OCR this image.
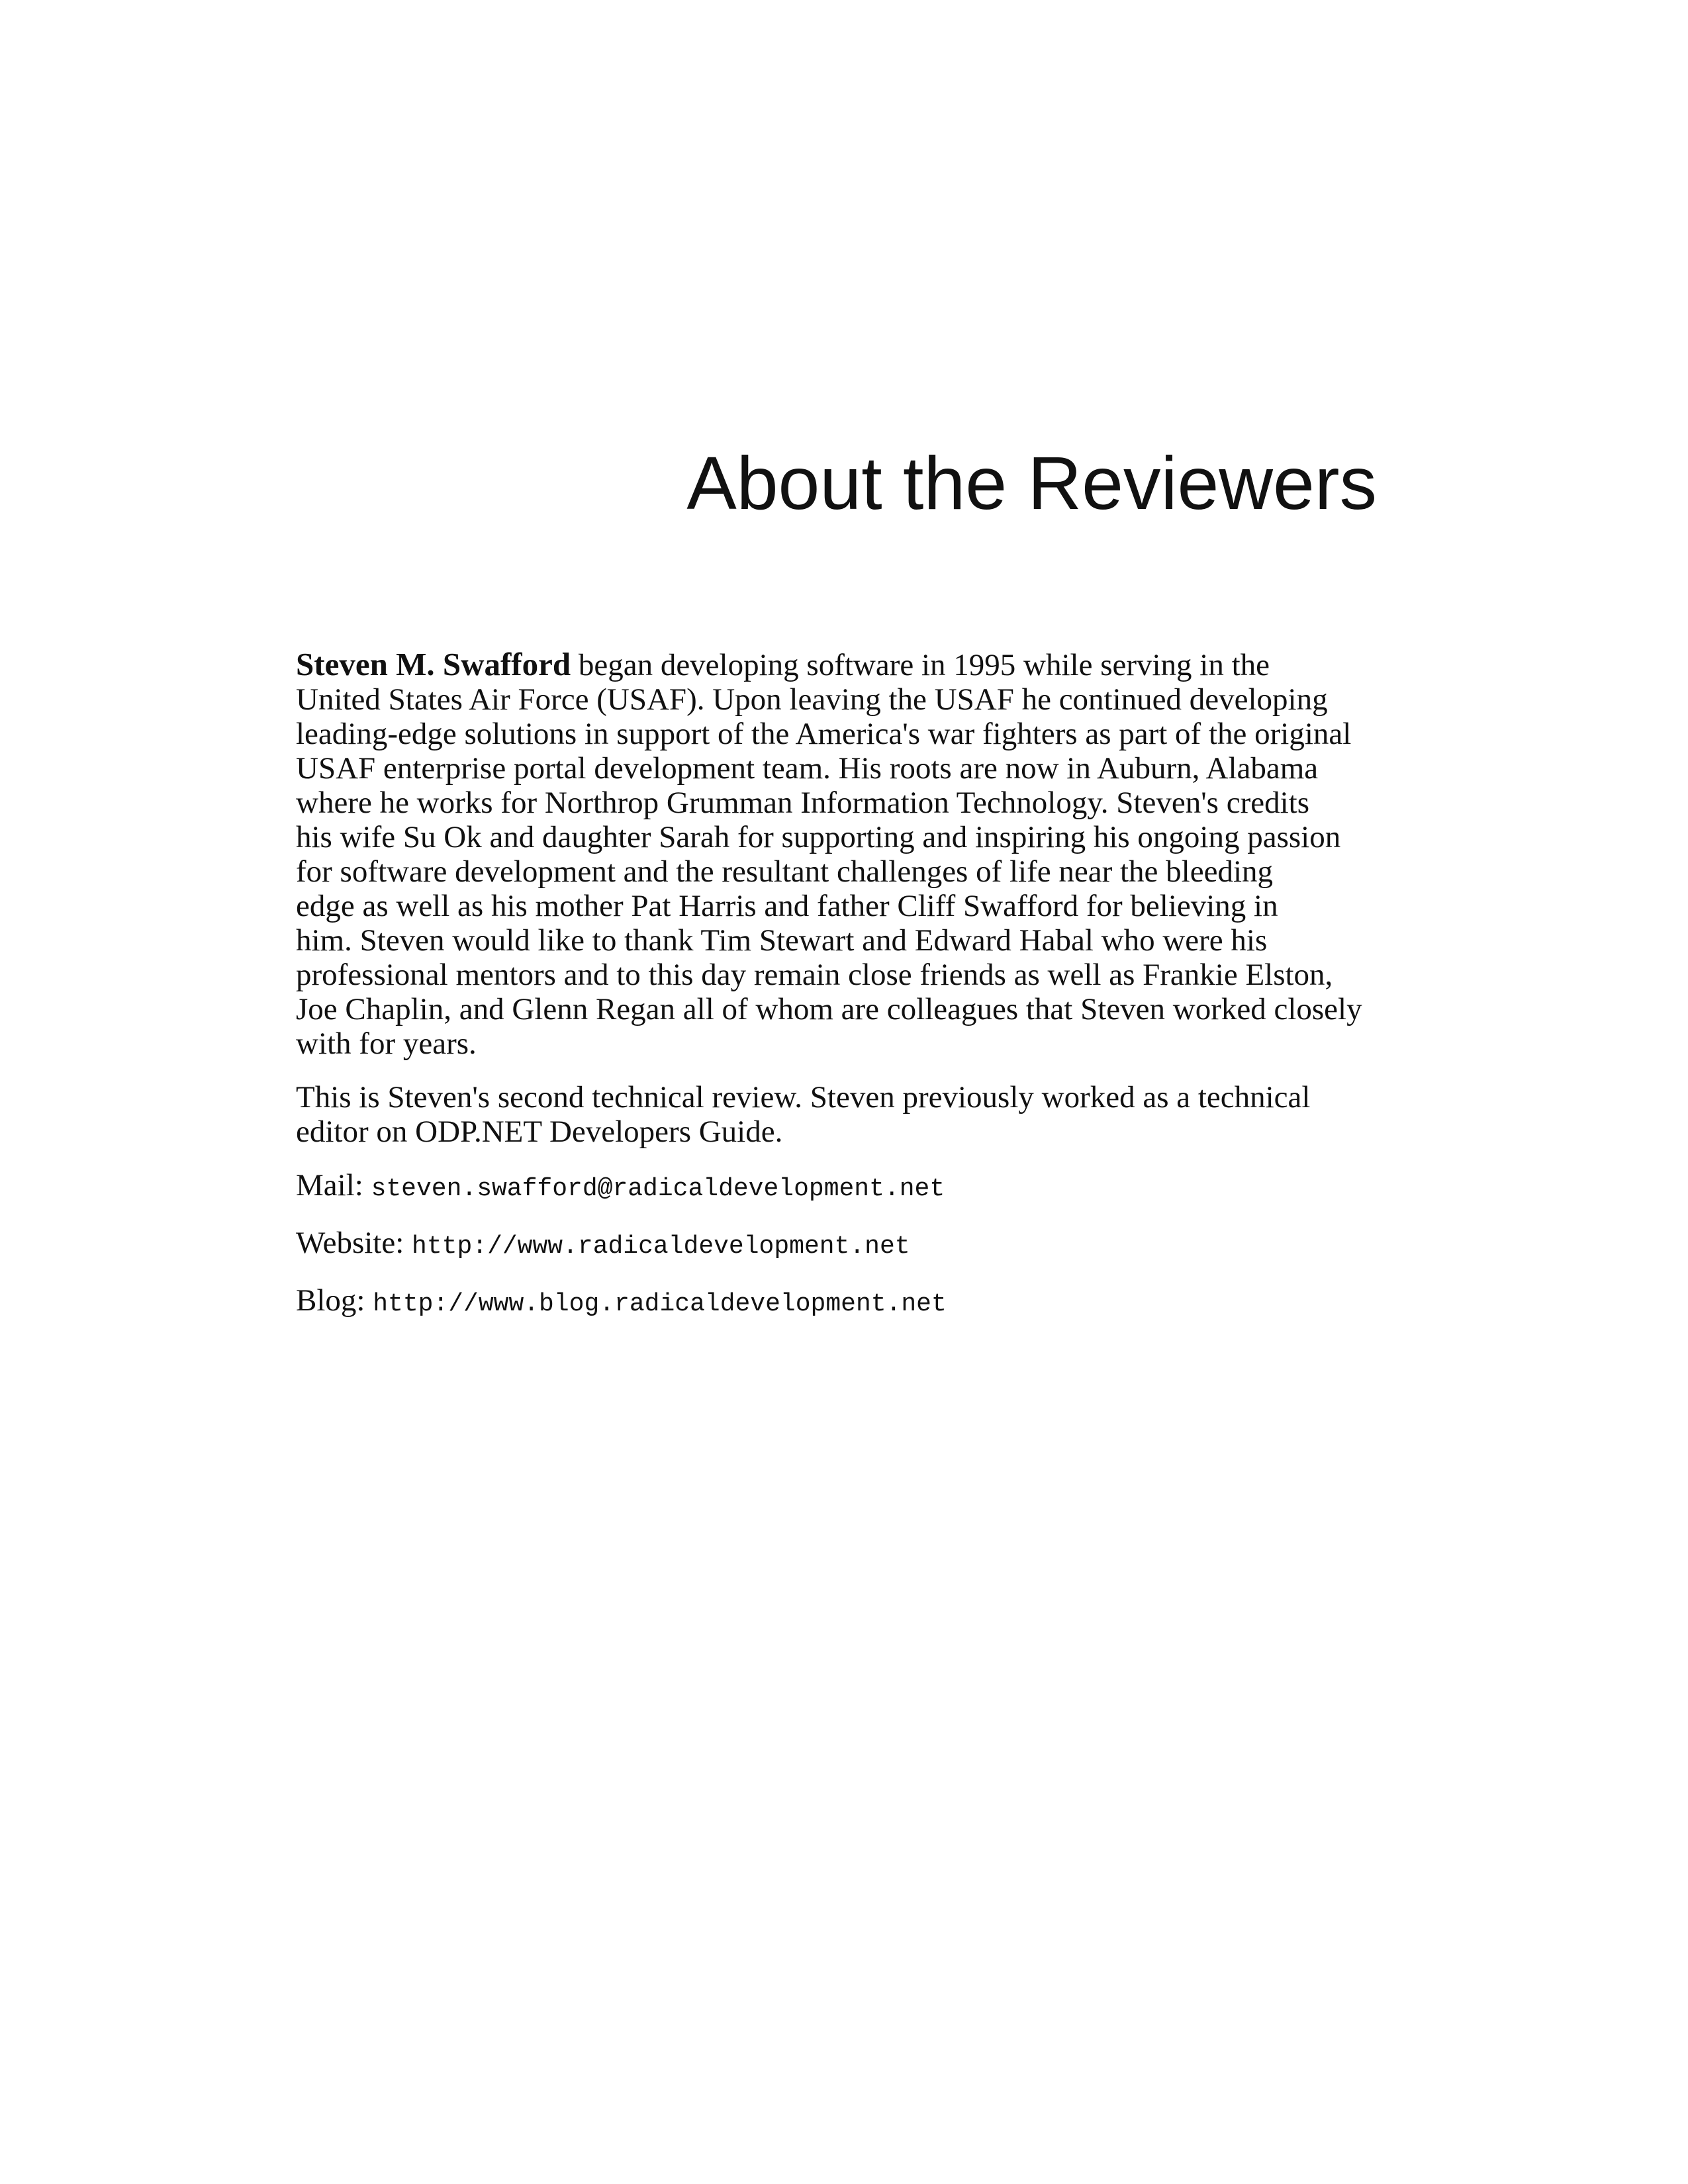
About the Reviewers
Steven M. Swafford began developing software in 1995 while serving in the
United States Air Force (USAF). Upon leaving the USAF he continued developing
leading-edge solutions in support of the America's war fighters as part of the original
USAF enterprise portal development team. His roots are now in Auburn, Alabama
where he works for Northrop Grumman Information Technology. Steven's credits
his wife Su Ok and daughter Sarah for supporting and inspiring his ongoing passion
for software development and the resultant challenges of life near the bleeding
edge as well as his mother Pat Harris and father Cliff Swafford for believing in
him. Steven would like to thank Tim Stewart and Edward Habal who were his
professional mentors and to this day remain close friends as well as Frankie Elston,
Joe Chaplin, and Glenn Regan all of whom are colleagues that Steven worked closely
with for years.
This is Steven's second technical review. Steven previously worked as a technical
editor on ODP.NET Developers Guide.
Mail: steven.swafford@radicaldevelopment.net
Website: http://www.radicaldevelopment.net
Blog: http://www.blog.radicaldevelopment.net
